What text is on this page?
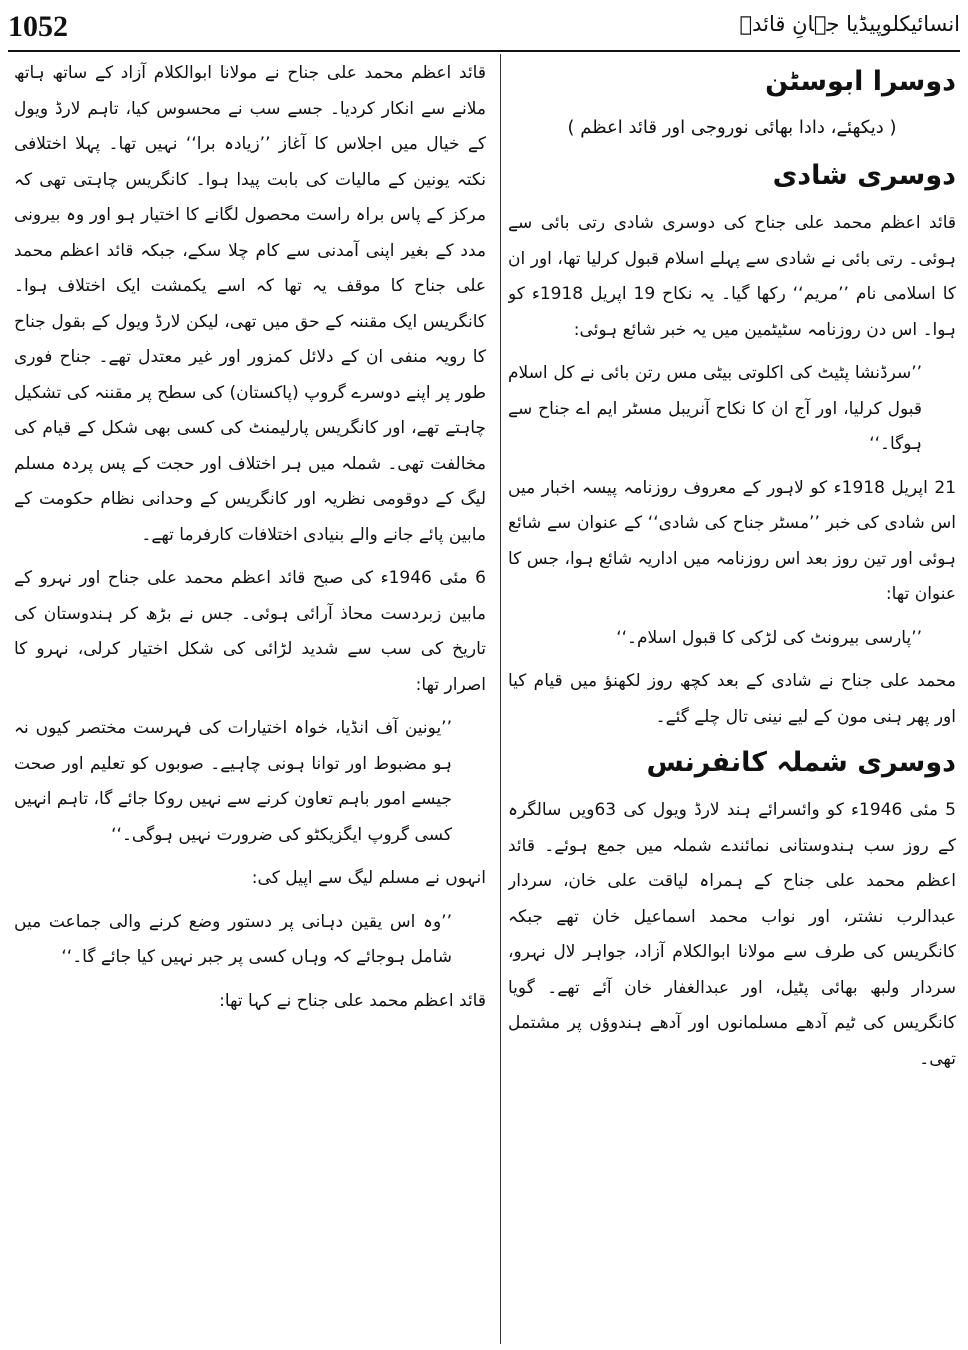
1052	انسائیکلوپیڈیا جہانِ قائدؒ
دوسرا ابوسٹن
( دیکھئے، دادا بھائی نوروجی اور قائد اعظم )
دوسری شادی

قائد اعظم محمد علی جناح کی دوسری شادی رتی بائی سے ہوئی۔ رتی بائی نے شادی سے پہلے اسلام قبول کرلیا تھا، اور ان کا اسلامی نام ’’مریم‘‘ رکھا گیا۔ یہ نکاح 19 اپریل 1918ء کو ہوا۔ اس دن روزنامہ سٹیٹمین میں یہ خبر شائع ہوئی:

’’سرڈنشا پٹیٹ کی اکلوتی بیٹی مس رتن بائی نے کل اسلام قبول کرلیا، اور آج ان کا نکاح آنریبل مسٹر ایم اے جناح سے ہوگا۔‘‘

21 اپریل 1918ء کو لاہور کے معروف روزنامہ پیسہ اخبار میں اس شادی کی خبر ’’مسٹر جناح کی شادی‘‘ کے عنوان سے شائع ہوئی اور تین روز بعد اس روزنامہ میں اداریہ شائع ہوا، جس کا عنوان تھا:

’’پارسی بیرونٹ کی لڑکی کا قبول اسلام۔‘‘

محمد علی جناح نے شادی کے بعد کچھ روز لکھنؤ میں قیام کیا اور پھر ہنی مون کے لیے نینی تال چلے گئے۔

دوسری شملہ کانفرنس

5 مئی 1946ء کو وائسرائے ہند لارڈ ویول کی 63ویں سالگرہ کے روز سب ہندوستانی نمائندے شملہ میں جمع ہوئے۔ قائد اعظم محمد علی جناح کے ہمراہ لیاقت علی خان، سردار عبدالرب نشتر، اور نواب محمد اسماعیل خان تھے جبکہ کانگریس کی طرف سے مولانا ابوالکلام آزاد، جواہر لال نہرو، سردار ولبھ بھائی پٹیل، اور عبدالغفار خان آئے تھے۔ گویا کانگریس کی ٹیم آدھے مسلمانوں اور آدھے ہندوؤں پر مشتمل تھی۔

قائد اعظم محمد علی جناح نے مولانا ابوالکلام آزاد کے ساتھ ہاتھ ملانے سے انکار کردیا۔ جسے سب نے محسوس کیا، تاہم لارڈ ویول کے خیال میں اجلاس کا آغاز ’’زیادہ برا‘‘ نہیں تھا۔ پہلا اختلافی نکتہ یونین کے مالیات کی بابت پیدا ہوا۔ کانگریس چاہتی تھی کہ مرکز کے پاس براہ راست محصول لگانے کا اختیار ہو اور وہ بیرونی مدد کے بغیر اپنی آمدنی سے کام چلا سکے، جبکہ قائد اعظم محمد علی جناح کا موقف یہ تھا کہ اسے یکمشت ایک اختلاف ہوا۔ کانگریس ایک مقننہ کے حق میں تھی، لیکن لارڈ ویول کے بقول جناح کا رویہ منفی ان کے دلائل کمزور اور غیر معتدل تھے۔ جناح فوری طور پر اپنے دوسرے گروپ (پاکستان) کی سطح پر مقننہ کی تشکیل چاہتے تھے، اور کانگریس پارلیمنٹ کی کسی بھی شکل کے قیام کی مخالفت تھی۔ شملہ میں ہر اختلاف اور حجت کے پس پردہ مسلم لیگ کے دوقومی نظریہ اور کانگریس کے وحدانی نظام حکومت کے مابین پائے جانے والے بنیادی اختلافات کارفرما تھے۔

6 مئی 1946ء کی صبح قائد اعظم محمد علی جناح اور نہرو کے مابین زبردست محاذ آرائی ہوئی۔ جس نے بڑھ کر ہندوستان کی تاریخ کی سب سے شدید لڑائی کی شکل اختیار کرلی، نہرو کا اصرار تھا:

’’یونین آف انڈیا، خواہ اختیارات کی فہرست مختصر کیوں نہ ہو مضبوط اور توانا ہونی چاہیے۔ صوبوں کو تعلیم اور صحت جیسے امور باہم تعاون کرنے سے نہیں روکا جائے گا، تاہم انہیں کسی گروپ ایگزیکٹو کی ضرورت نہیں ہوگی۔‘‘

انہوں نے مسلم لیگ سے اپیل کی:

’’وہ اس یقین دہانی پر دستور وضع کرنے والی جماعت میں شامل ہوجائے کہ وہاں کسی پر جبر نہیں کیا جائے گا۔‘‘

قائد اعظم محمد علی جناح نے کہا تھا:
